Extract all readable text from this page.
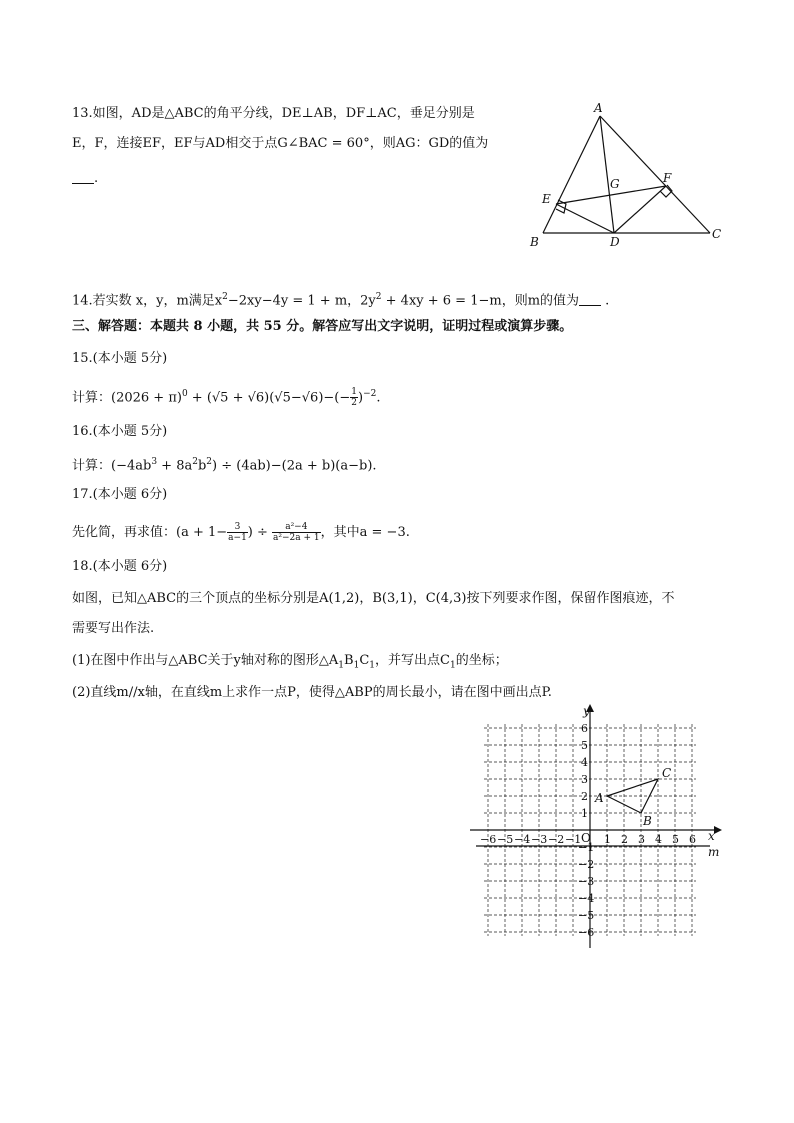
13.如图，AD是△ABC的角平分线，DE⊥AB，DF⊥AC，垂足分别是
E，F，连接EF，EF与AD相交于点G∠BAC = 60°，则AG：GD的值为
.
A
B
C
D
E
F
G
14.若实数 x，y，m满足$x^2-2xy-4y = 1 + m$，$2y^2 + 4xy + 6 = 1-m$，则m的值为 .
三、解答题：本题共 8 小题，共 55 分。解答应写出文字说明，证明过程或演算步骤。
15.(本小题 5分)
计算：$(2026 + \pi)^0 + (√5 + √6)(√5-√6)-(- \frac{1}{2} )^{-2}$.
16.(本小题 5分)
计算：$(-4ab^3 + 8a^2b^2) \div (4ab)-(2a + b)(a-b)$.
17.(本小题 6分)
先化简，再求值：($a + 1- \frac{3}{a-1}$ ) ÷ $\frac{\text{a²−4}}{\text{a²−2a + 1}}$ ，其中a = −3.
18.(本小题 6分)
如图，已知△ABC的三个顶点的坐标分别是A(1,2)，B(3,1)，C(4,3)按下列要求作图，保留作图痕迹，不
需要写出作法.
(1)在图中作出与△ABC关于y轴对称的图形$\triangle A_1B_1C_1$，并写出点$C_1$的坐标；
(2)直线m//x轴，在直线m上求作一点P，使得△ABP的周长最小，请在图中画出点P.
−6 −5 −4 −3 −2 −1 1 2 3 4 5 6
6
5
4
3
2
1
−1
−2
−3
−4
−5
−6
x
y
m
O
A
B
C
